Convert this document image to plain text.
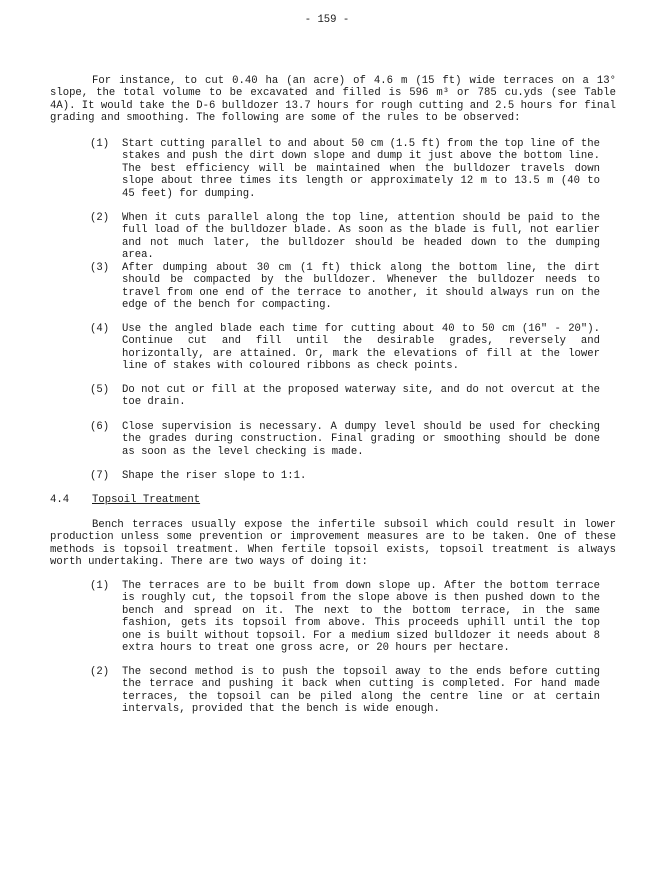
- 159 -

For instance, to cut 0.40 ha (an acre) of 4.6 m (15 ft) wide terraces on a 13° slope, the total volume to be excavated and filled is 596 m³ or 785 cu.yds (see Table 4A). It would take the D-6 bulldozer 13.7 hours for rough cutting and 2.5 hours for final grading and smoothing. The following are some of the rules to be observed:

(1)	Start cutting parallel to and about 50 cm (1.5 ft) from the top line of the stakes and push the dirt down slope and dump it just above the bottom line. The best efficiency will be maintained when the bulldozer travels down slope about three times its length or approximately 12 m to 13.5 m (40 to 45 feet) for dumping.
(2)	When it cuts parallel along the top line, attention should be paid to the full load of the bulldozer blade. As soon as the blade is full, not earlier and not much later, the bulldozer should be headed down to the dumping area.
(3)	After dumping about 30 cm (1 ft) thick along the bottom line, the dirt should be compacted by the bulldozer. Whenever the bulldozer needs to travel from one end of the terrace to another, it should always run on the edge of the bench for compacting.
(4)	Use the angled blade each time for cutting about 40 to 50 cm (16" - 20"). Continue cut and fill until the desirable grades, reversely and horizontally, are attained. Or, mark the elevations of fill at the lower line of stakes with coloured ribbons as check points.
(5)	Do not cut or fill at the proposed waterway site, and do not overcut at the toe drain.
(6)	Close supervision is necessary. A dumpy level should be used for checking the grades during construction. Final grading or smoothing should be done as soon as the level checking is made.
(7)	Shape the riser slope to 1:1.
4.4 Topsoil Treatment

Bench terraces usually expose the infertile subsoil which could result in lower production unless some prevention or improvement measures are to be taken. One of these methods is topsoil treatment. When fertile topsoil exists, topsoil treatment is always worth undertaking. There are two ways of doing it:

(1)	The terraces are to be built from down slope up. After the bottom terrace is roughly cut, the topsoil from the slope above is then pushed down to the bench and spread on it. The next to the bottom terrace, in the same fashion, gets its topsoil from above. This proceeds uphill until the top one is built without topsoil. For a medium sized bulldozer it needs about 8 extra hours to treat one gross acre, or 20 hours per hectare.
(2)	The second method is to push the topsoil away to the ends before cutting the terrace and pushing it back when cutting is completed. For hand made terraces, the topsoil can be piled along the centre line or at certain intervals, provided that the bench is wide enough.
